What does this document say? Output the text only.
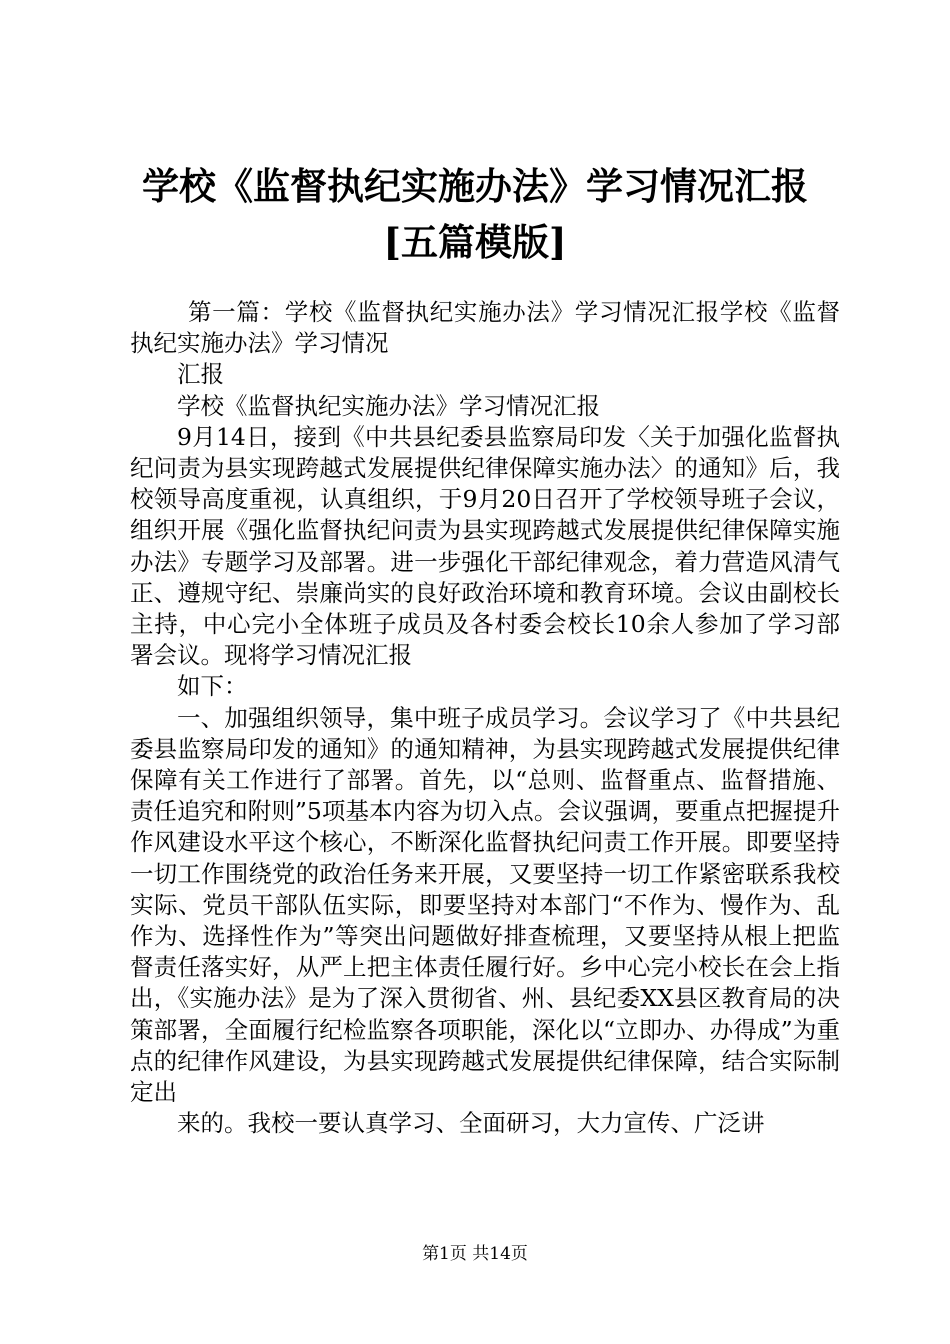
学校《监督执纪实施办法》学习情况汇报[五篇模版]

第一篇：学校《监督执纪实施办法》学习情况汇报学校《监督执纪实施办法》学习情况

汇报

学校《监督执纪实施办法》学习情况汇报

9月14日，接到《中共县纪委县监察局印发〈关于加强化监督执纪问责为县实现跨越式发展提供纪律保障实施办法〉的通知》后，我校领导高度重视，认真组织，于9月20日召开了学校领导班子会议，组织开展《强化监督执纪问责为县实现跨越式发展提供纪律保障实施办法》专题学习及部署。进一步强化干部纪律观念，着力营造风清气正、遵规守纪、崇廉尚实的良好政治环境和教育环境。会议由副校长主持，中心完小全体班子成员及各村委会校长10余人参加了学习部署会议。现将学习情况汇报

如下：

一、加强组织领导，集中班子成员学习。会议学习了《中共县纪委县监察局印发的通知》的通知精神，为县实现跨越式发展提供纪律保障有关工作进行了部署。首先，以“总则、监督重点、监督措施、责任追究和附则”5项基本内容为切入点。会议强调，要重点把握提升作风建设水平这个核心，不断深化监督执纪问责工作开展。即要坚持一切工作围绕党的政治任务来开展，又要坚持一切工作紧密联系我校实际、党员干部队伍实际，即要坚持对本部门“不作为、慢作为、乱作为、选择性作为”等突出问题做好排查梳理，又要坚持从根上把监督责任落实好，从严上把主体责任履行好。乡中心完小校长在会上指出，《实施办法》是为了深入贯彻省、州、县纪委XX县区教育局的决策部署，全面履行纪检监察各项职能，深化以“立即办、办得成”为重点的纪律作风建设，为县实现跨越式发展提供纪律保障，结合实际制定出

来的。我校一要认真学习、全面研习，大力宣传、广泛讲

第1页 共14页
